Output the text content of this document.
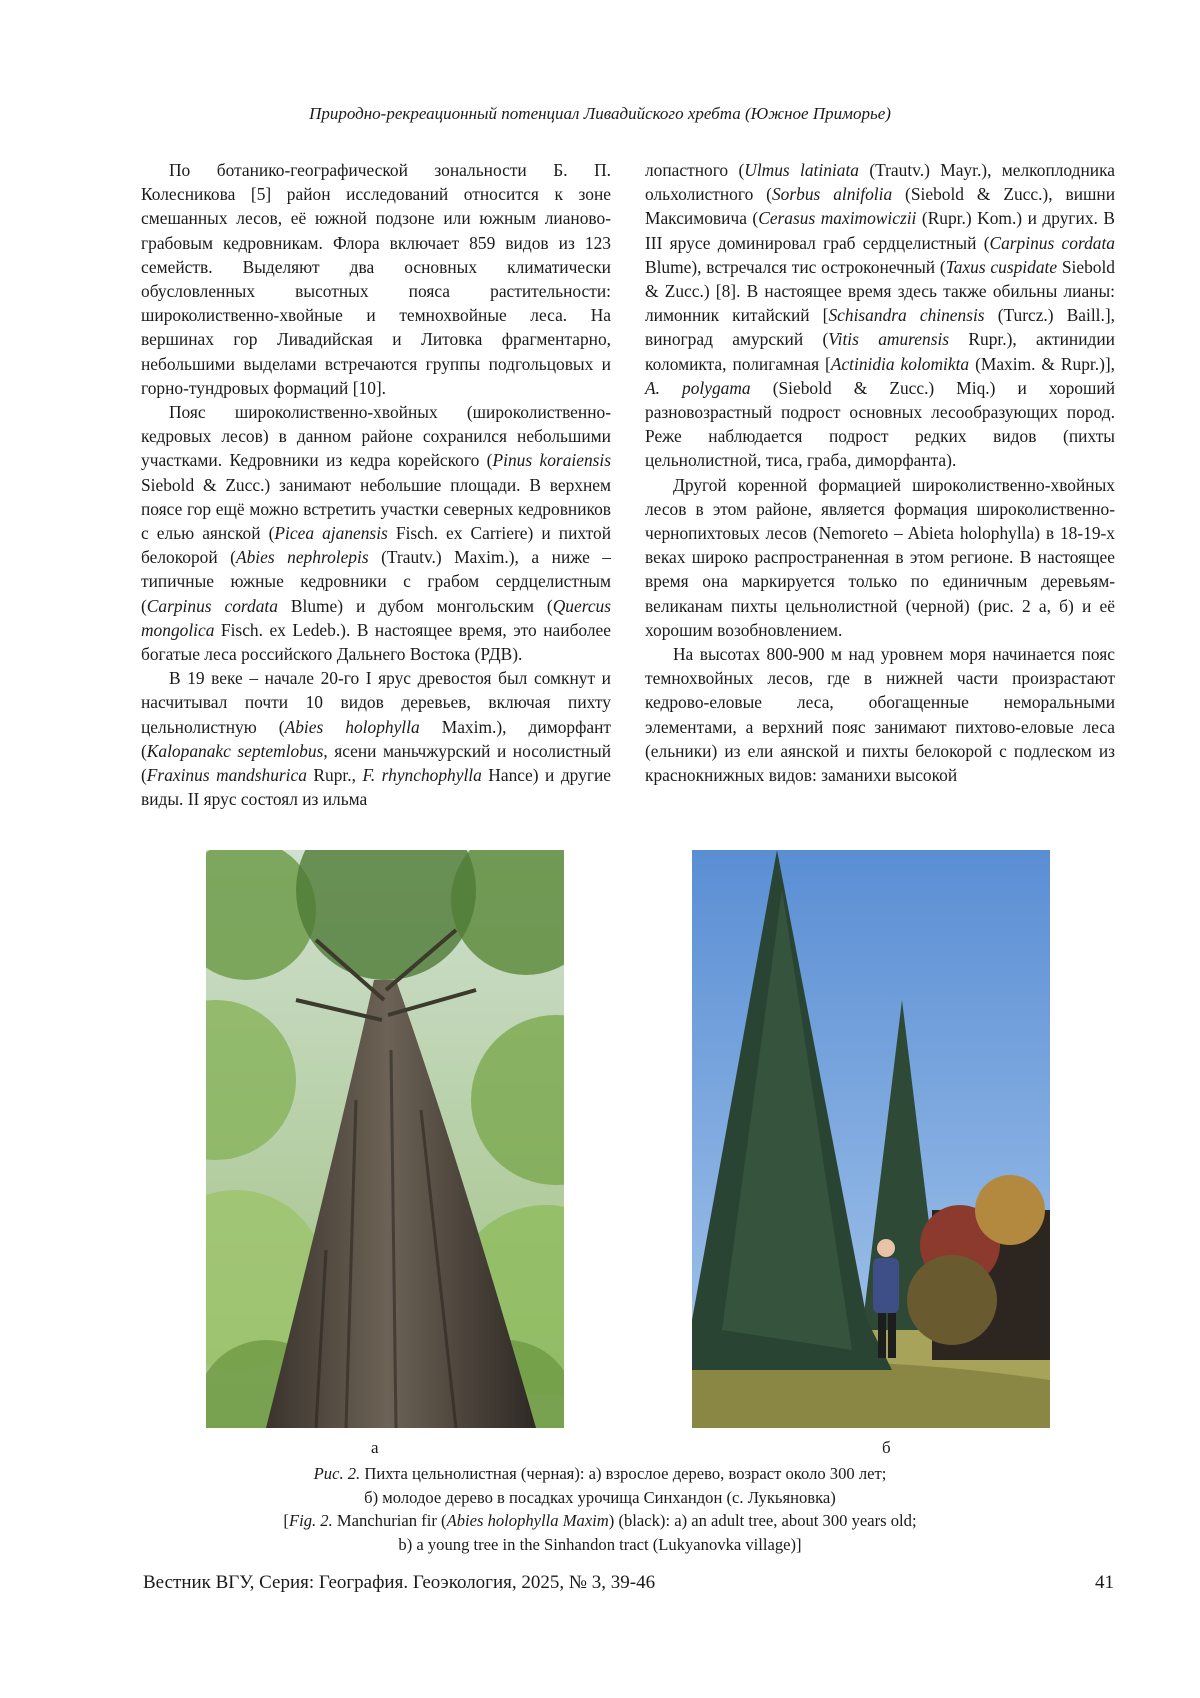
Природно-рекреационный потенциал Ливадийского хребта (Южное Приморье)

По ботанико-географической зональности Б. П. Колесникова [5] район исследований относится к зоне смешанных лесов, её южной подзоне или южным лианово-грабовым кедровникам. Флора включает 859 видов из 123 семейств. Выделяют два основных климатически обусловленных высотных пояса растительности: широколиственно-хвойные и темнохвойные леса. На вершинах гор Ливадийская и Литовка фрагментарно, небольшими выделами встречаются группы подгольцовых и горно-тундровых формаций [10].

Пояс широколиственно-хвойных (широколиственно-кедровых лесов) в данном районе сохранился небольшими участками. Кедровники из кедра корейского (Pinus koraiensis Siebold & Zucc.) занимают небольшие площади. В верхнем поясе гор ещё можно встретить участки северных кедровников с елью аянской (Picea ajanensis Fisch. ex Carriere) и пихтой белокорой (Abies nephrolepis (Trautv.) Maxim.), а ниже – типичные южные кедровники с грабом сердцелистным (Carpinus cordata Blume) и дубом монгольским (Quercus mongolica Fisch. ex Ledeb.). В настоящее время, это наиболее богатые леса российского Дальнего Востока (РДВ).

В 19 веке – начале 20-го I ярус древостоя был сомкнут и насчитывал почти 10 видов деревьев, включая пихту цельнолистную (Abies holophylla Maxim.), диморфант (Kalopanakc septemlobus, ясени маньчжурский и носолистный (Fraxinus mandshurica Rupr., F. rhynchophylla Hance) и другие виды. II ярус состоял из ильма

лопастного (Ulmus latiniata (Trautv.) Mayr.), мелкоплодника ольхолистного (Sorbus alnifolia (Siebold & Zucc.), вишни Максимовича (Cerasus maximowiczii (Rupr.) Kom.) и других. В III ярусе доминировал граб сердцелистный (Carpinus cordata Blume), встречался тис остроконечный (Taxus cuspidate Siebold & Zucc.) [8]. В настоящее время здесь также обильны лианы: лимонник китайский [Schisandra chinensis (Turcz.) Baill.], виноград амурский (Vitis amurensis Rupr.), актинидии коломикта, полигамная [Actinidia kolomikta (Maxim. & Rupr.)], A. polygama (Siebold & Zucc.) Miq.) и хороший разновозрастный подрост основных лесообразующих пород. Реже наблюдается подрост редких видов (пихты цельнолистной, тиса, граба, диморфанта).

Другой коренной формацией широколиственно-хвойных лесов в этом районе, является формация широколиственно-чернопихтовых лесов (Nemoreto – Abieta holophylla) в 18-19-х веках широко распространенная в этом регионе. В настоящее время она маркируется только по единичным деревьям-великанам пихты цельнолистной (черной) (рис. 2 а, б) и её хорошим возобновлением.

На высотах 800-900 м над уровнем моря начинается пояс темнохвойных лесов, где в нижней части произрастают кедрово-еловые леса, обогащенные неморальными элементами, а верхний пояс занимают пихтово-еловые леса (ельники) из ели аянской и пихты белокорой с подлеском из краснокнижных видов: заманихи высокой

а	б
Рис. 2. Пихта цельнолистная (черная): а) взрослое дерево, возраст около 300 лет;
б) молодое дерево в посадках урочища Синхандон (с. Лукьяновка)
[Fig. 2. Manchurian fir (Abies holophylla Maxim) (black): a) an adult tree, about 300 years old;
b) a young tree in the Sinhandon tract (Lukyanovka village)]
Вестник ВГУ, Серия: География. Геоэкология, 2025, № 3, 39-46	41
